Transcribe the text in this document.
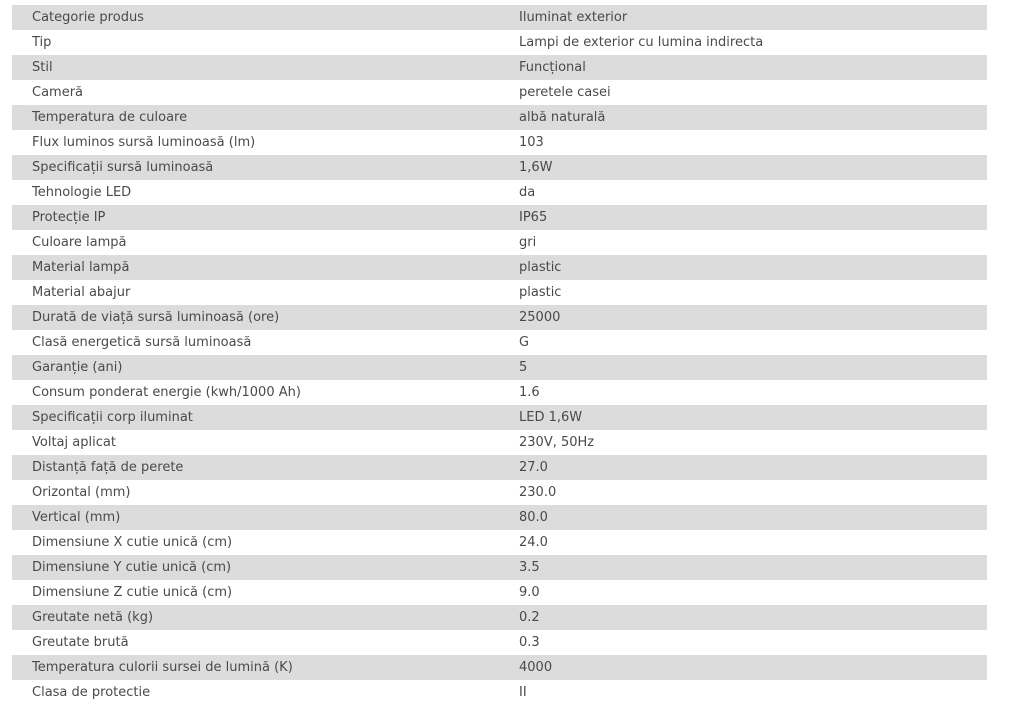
Categorie produs	Iluminat exterior
Tip	Lampi de exterior cu lumina indirecta
Stil	Funcțional
Cameră	peretele casei
Temperatura de culoare	albă naturală
Flux luminos sursă luminoasă (lm)	103
Specificații sursă luminoasă	1,6W
Tehnologie LED	da
Protecție IP	IP65
Culoare lampă	gri
Material lampă	plastic
Material abajur	plastic
Durată de viață sursă luminoasă (ore)	25000
Clasă energetică sursă luminoasă	G
Garanție (ani)	5
Consum ponderat energie (kwh/1000 Ah)	1.6
Specificații corp iluminat	LED 1,6W
Voltaj aplicat	230V, 50Hz
Distanță față de perete	27.0
Orizontal (mm)	230.0
Vertical (mm)	80.0
Dimensiune X cutie unică (cm)	24.0
Dimensiune Y cutie unică (cm)	3.5
Dimensiune Z cutie unică (cm)	9.0
Greutate netă (kg)	0.2
Greutate brută	0.3
Temperatura culorii sursei de lumină (K)	4000
Clasa de protectie	II
